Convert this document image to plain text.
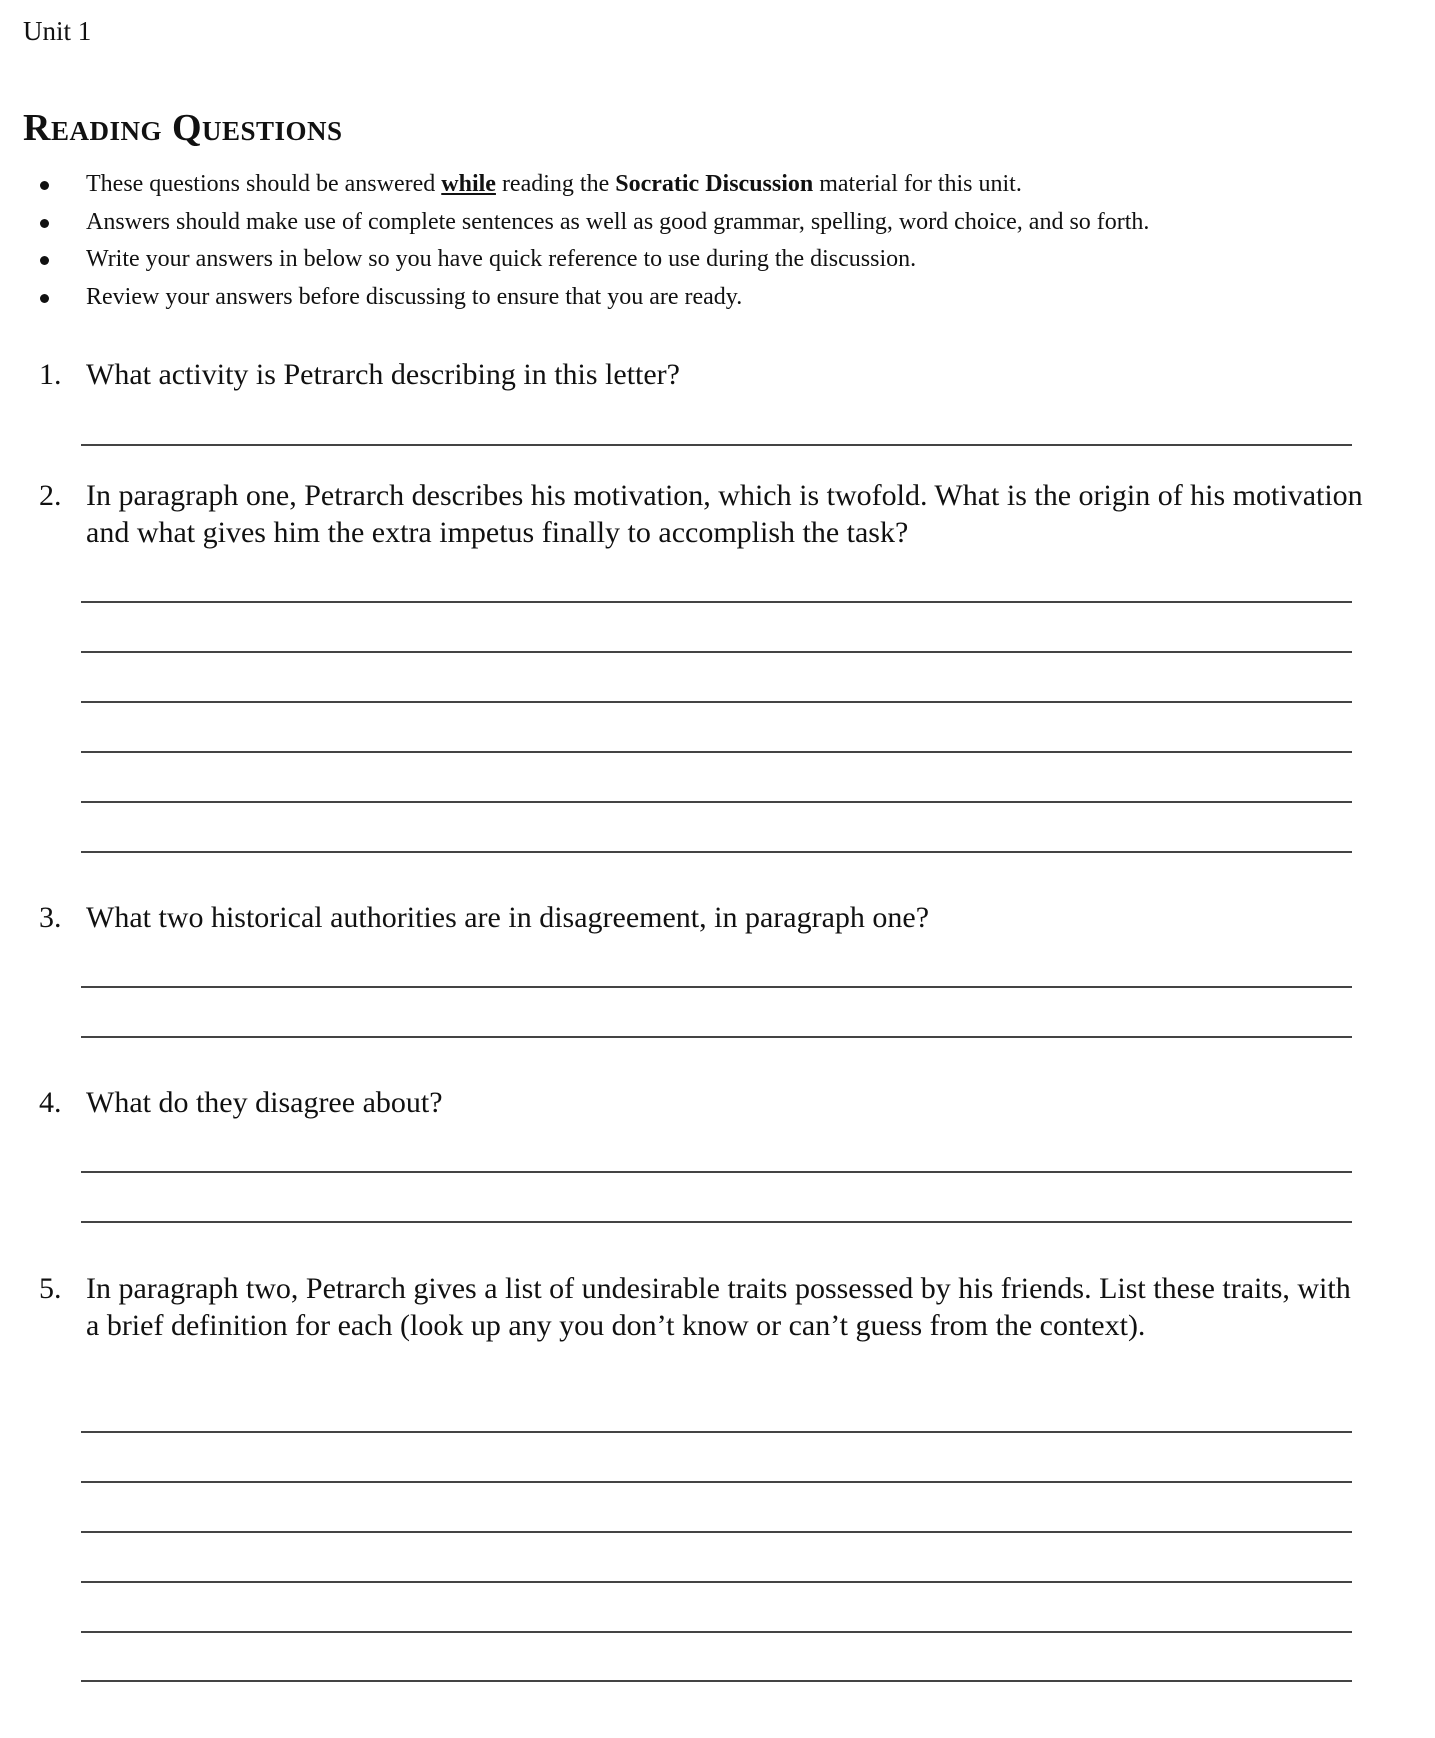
Unit 1
Reading Questions
These questions should be answered while reading the Socratic Discussion material for this unit.
Answers should make use of complete sentences as well as good grammar, spelling, word choice, and so forth.
Write your answers in below so you have quick reference to use during the discussion.
Review your answers before discussing to ensure that you are ready.
1. What activity is Petrarch describing in this letter?
2. In paragraph one, Petrarch describes his motivation, which is twofold. What is the origin of his motivation and what gives him the extra impetus finally to accomplish the task?
3. What two historical authorities are in disagreement, in paragraph one?
4. What do they disagree about?
5. In paragraph two, Petrarch gives a list of undesirable traits possessed by his friends. List these traits, with a brief definition for each (look up any you don’t know or can’t guess from the context).
